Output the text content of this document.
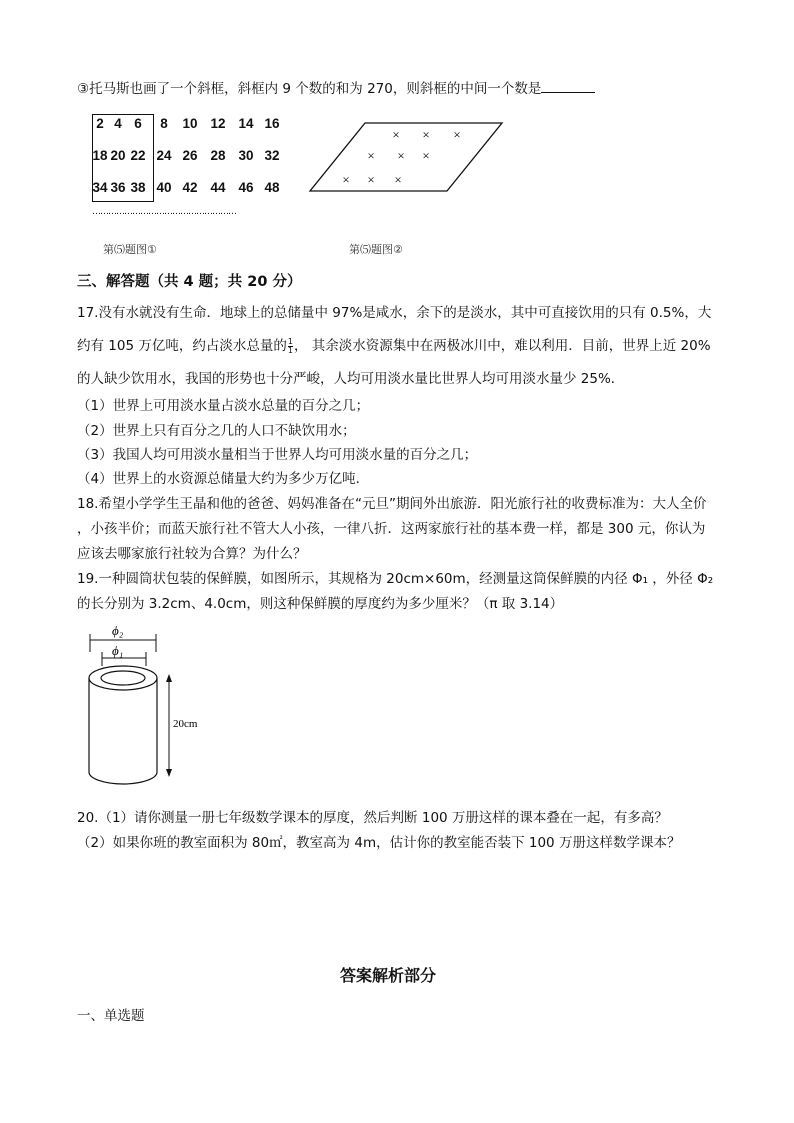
③托马斯也画了一个斜框，斜框内 9 个数的和为 270，则斜框的中间一个数是
2 4 6	8	10 12 14 16
18 20 22 24 26 28 30 32
34 36 38 40 42 44 46 48
………………………………………………
第⑸题图①
× × ×
× × ×
× × ×
第⑸题图②
三、解答题（共 4 题；共 20 分）
17.没有水就没有生命．地球上的总储量中 97%是咸水，余下的是淡水，其中可直接饮用的只有 0.5%，大
约有 105 万亿吨，约占淡水总量的 $\frac{1}{1}$ ， 其余淡水资源集中在两极冰川中，难以利用．目前，世界上近 20%
的人缺少饮用水，我国的形势也十分严峻，人均可用淡水量比世界人均可用淡水量少 25%．
（1）世界上可用淡水量占淡水总量的百分之几；
（2）世界上只有百分之几的人口不缺饮用水；
（3）我国人均可用淡水量相当于世界人均可用淡水量的百分之几；
（4）世界上的水资源总储量大约为多少万亿吨．
18.希望小学学生王晶和他的爸爸、妈妈准备在“元旦”期间外出旅游．阳光旅行社的收费标准为：大人全价
，小孩半价；而蓝天旅行社不管大人小孩，一律八折．这两家旅行社的基本费一样，都是 300 元，你认为
应该去哪家旅行社较为合算？为什么？
19.一种圆筒状包装的保鲜膜，如图所示，其规格为 20cm×60m，经测量这筒保鲜膜的内径 Φ₁ ，外径 Φ₂
的长分别为 3.2cm、4.0cm，则这种保鲜膜的厚度约为多少厘米？（π 取 3.14）
ϕ₂
ϕ₁
20cm
20.（1）请你测量一册七年级数学课本的厚度，然后判断 100 万册这样的课本叠在一起，有多高？
（2）如果你班的教室面积为 80㎡，教室高为 4m，估计你的教室能否装下 100 万册这样数学课本？
答案解析部分
一、单选题
